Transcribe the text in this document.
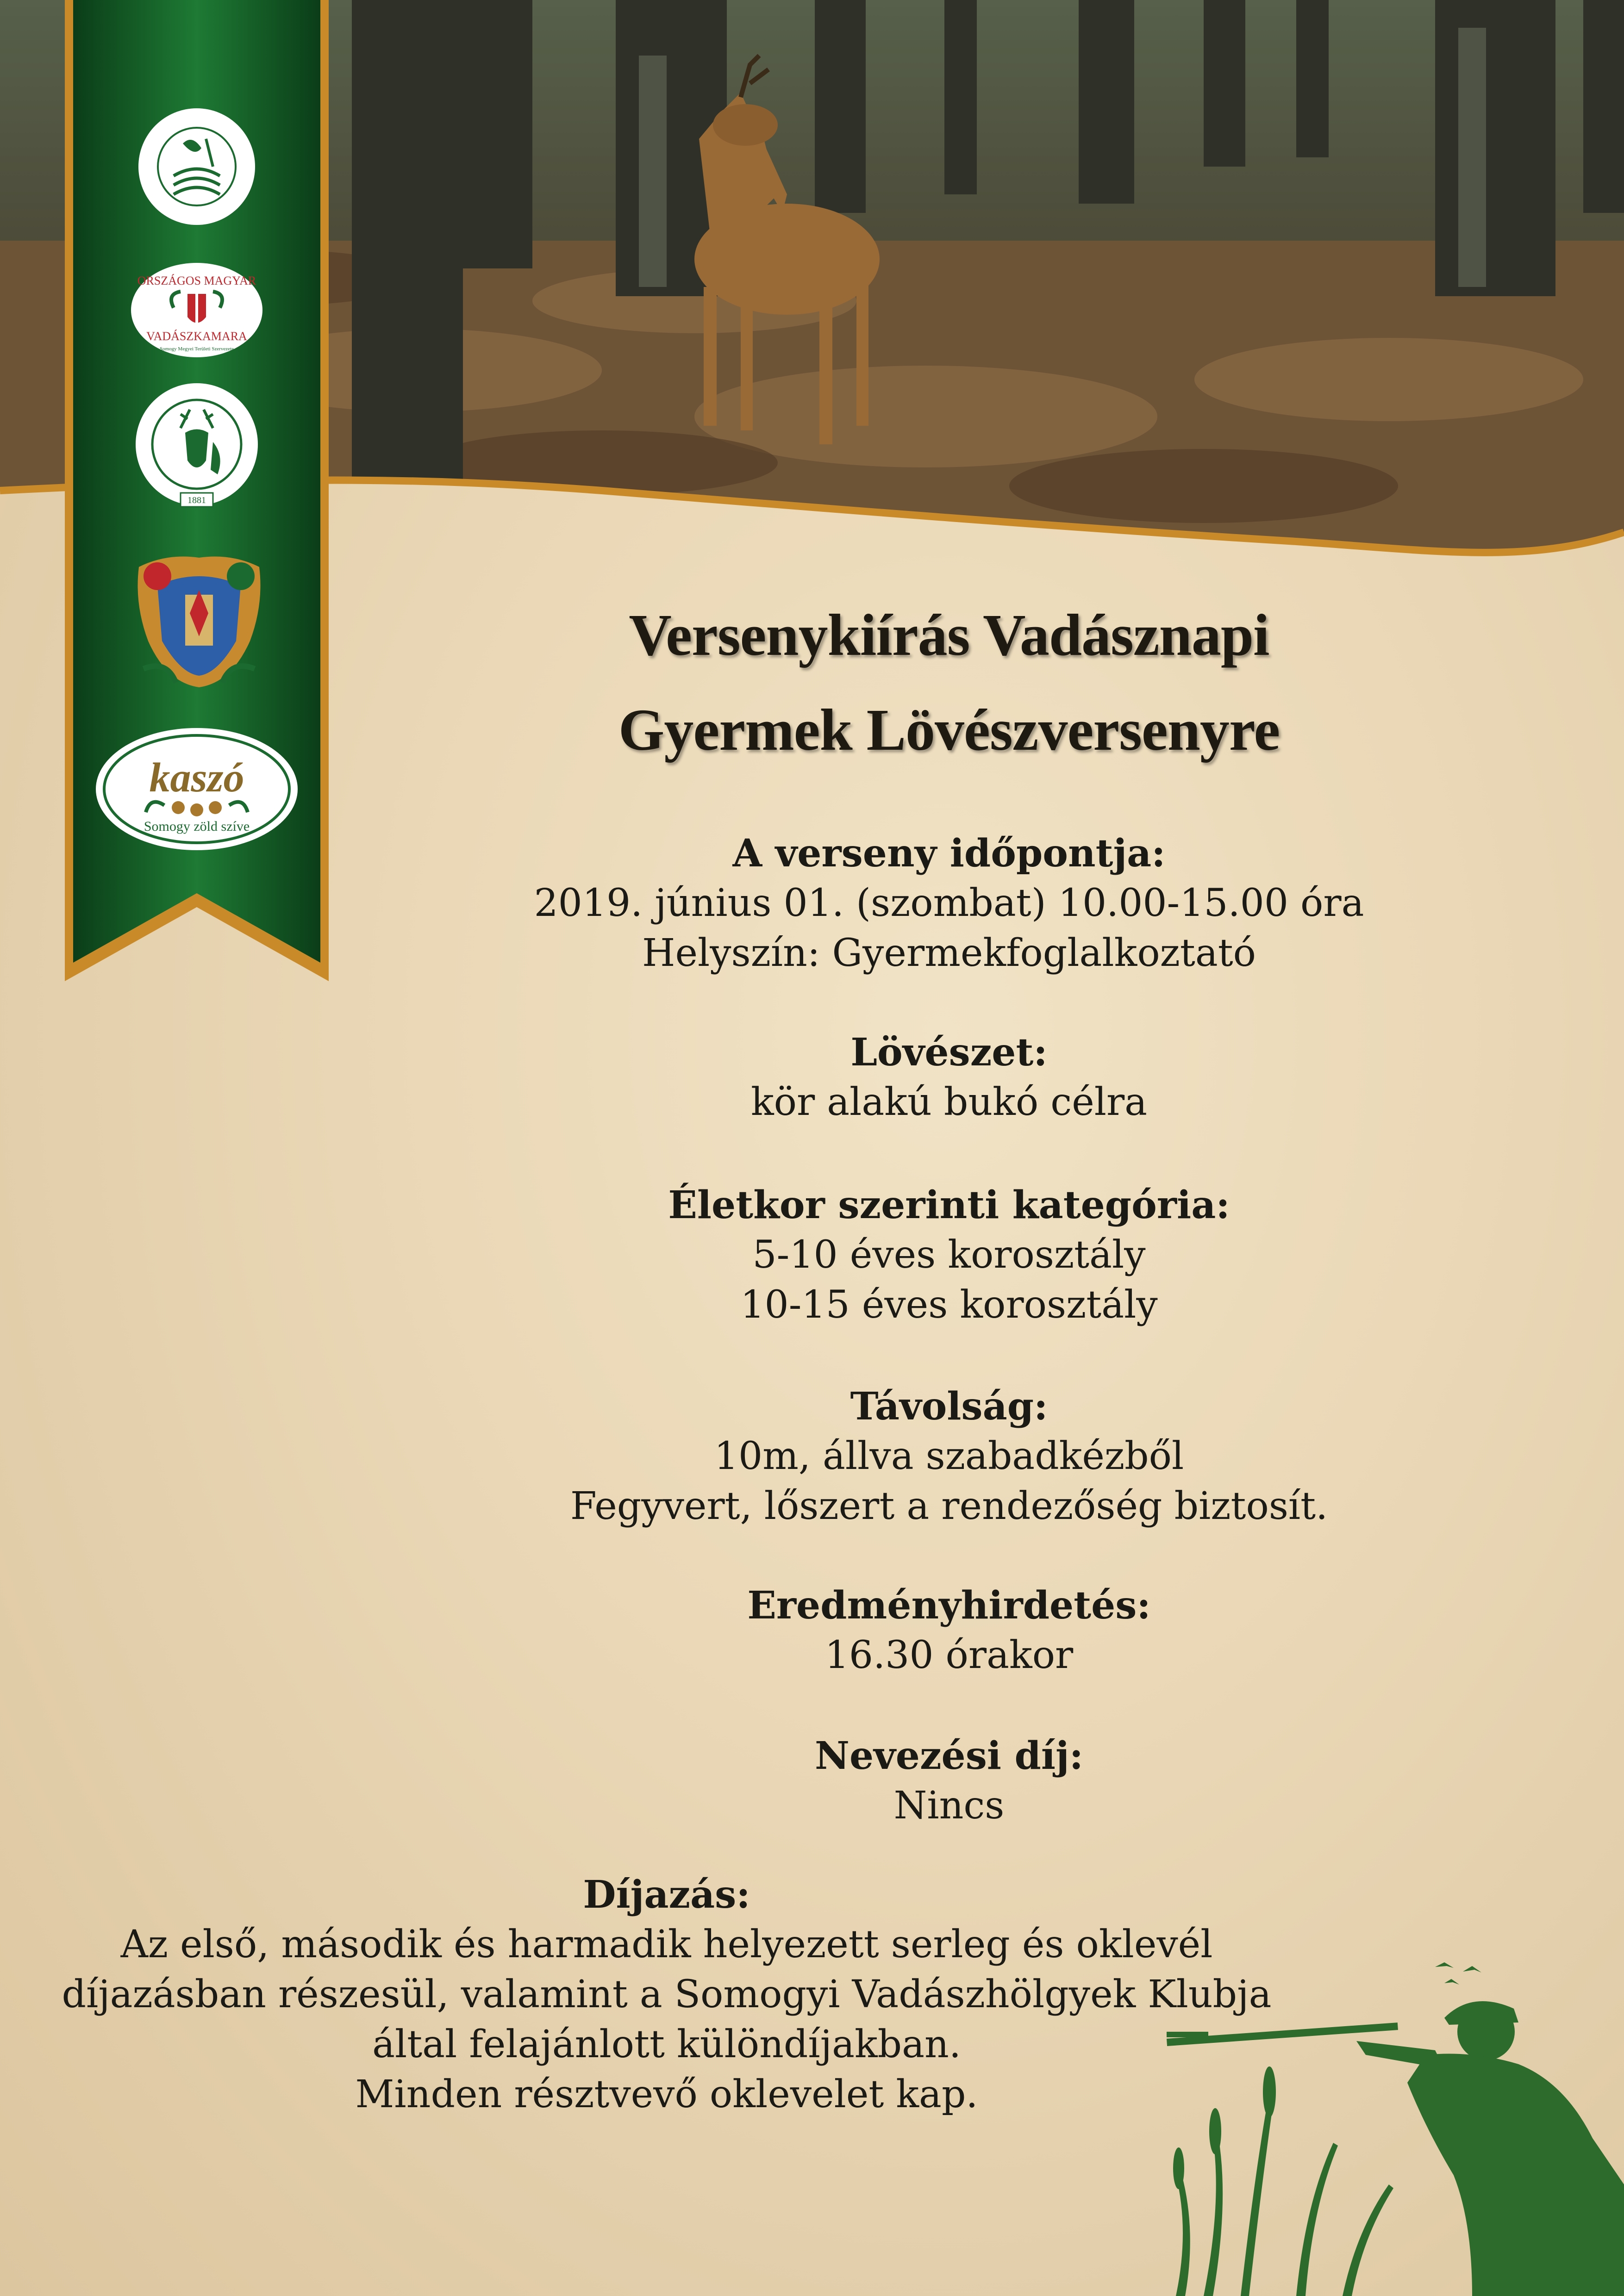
ORSZÁGOS MAGYAR
VADÁSZKAMARA
Somogy Megyei Területi Szervezete
1881
kaszó
Somogy zöld szíve
Versenykiírás Vadásznapi
Gyermek Lövészversenyre
A verseny időpontja:
2019. június 01. (szombat) 10.00-15.00 óra
Helyszín: Gyermekfoglalkoztató
Lövészet:
kör alakú bukó célra
Életkor szerinti kategória:
5-10 éves korosztály
10-15 éves korosztály
Távolság:
10m, állva szabadkézből
Fegyvert, lőszert a rendezőség biztosít.
Eredményhirdetés:
16.30 órakor
Nevezési díj:
Nincs
Díjazás:
Az első, második és harmadik helyezett serleg és oklevél
díjazásban részesül, valamint a Somogyi Vadászhölgyek Klubja
által felajánlott különdíjakban.
Minden résztvevő oklevelet kap.
